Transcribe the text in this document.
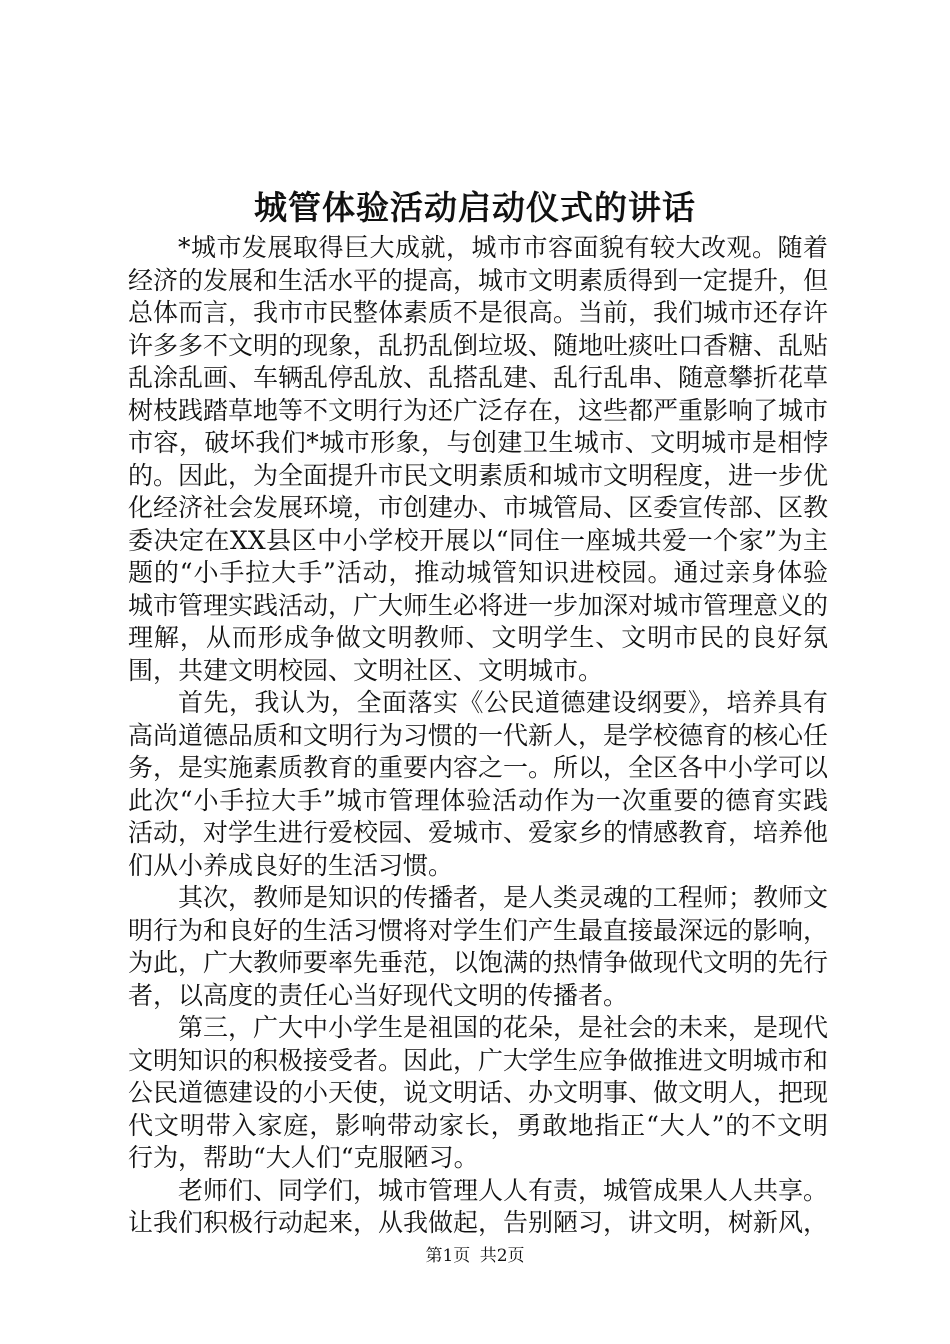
城管体验活动启动仪式的讲话

*城市发展取得巨大成就，城市市容面貌有较大改观。随着经济的发展和生活水平的提高，城市文明素质得到一定提升，但总体而言，我市市民整体素质不是很高。当前，我们城市还存许许多多不文明的现象，乱扔乱倒垃圾、随地吐痰吐口香糖、乱贴乱涂乱画、车辆乱停乱放、乱搭乱建、乱行乱串、随意攀折花草树枝践踏草地等不文明行为还广泛存在，这些都严重影响了城市市容，破坏我们*城市形象，与创建卫生城市、文明城市是相悖的。因此，为全面提升市民文明素质和城市文明程度，进一步优化经济社会发展环境，市创建办、市城管局、区委宣传部、区教委决定在XX县区中小学校开展以“同住一座城共爱一个家”为主题的“小手拉大手”活动，推动城管知识进校园。通过亲身体验城市管理实践活动，广大师生必将进一步加深对城市管理意义的理解，从而形成争做文明教师、文明学生、文明市民的良好氛围，共建文明校园、文明社区、文明城市。

首先，我认为，全面落实《公民道德建设纲要》，培养具有高尚道德品质和文明行为习惯的一代新人，是学校德育的核心任务，是实施素质教育的重要内容之一。所以，全区各中小学可以此次“小手拉大手”城市管理体验活动作为一次重要的德育实践活动，对学生进行爱校园、爱城市、爱家乡的情感教育，培养他们从小养成良好的生活习惯。

其次，教师是知识的传播者，是人类灵魂的工程师；教师文明行为和良好的生活习惯将对学生们产生最直接最深远的影响，为此，广大教师要率先垂范，以饱满的热情争做现代文明的先行者，以高度的责任心当好现代文明的传播者。

第三，广大中小学生是祖国的花朵，是社会的未来，是现代文明知识的积极接受者。因此，广大学生应争做推进文明城市和公民道德建设的小天使，说文明话、办文明事、做文明人，把现代文明带入家庭，影响带动家长，勇敢地指正“大人”的不文明行为，帮助“大人们“克服陋习。

老师们、同学们，城市管理人人有责，城管成果人人共享。让我们积极行动起来，从我做起，告别陋习，讲文明，树新风，

第1页 共2页
